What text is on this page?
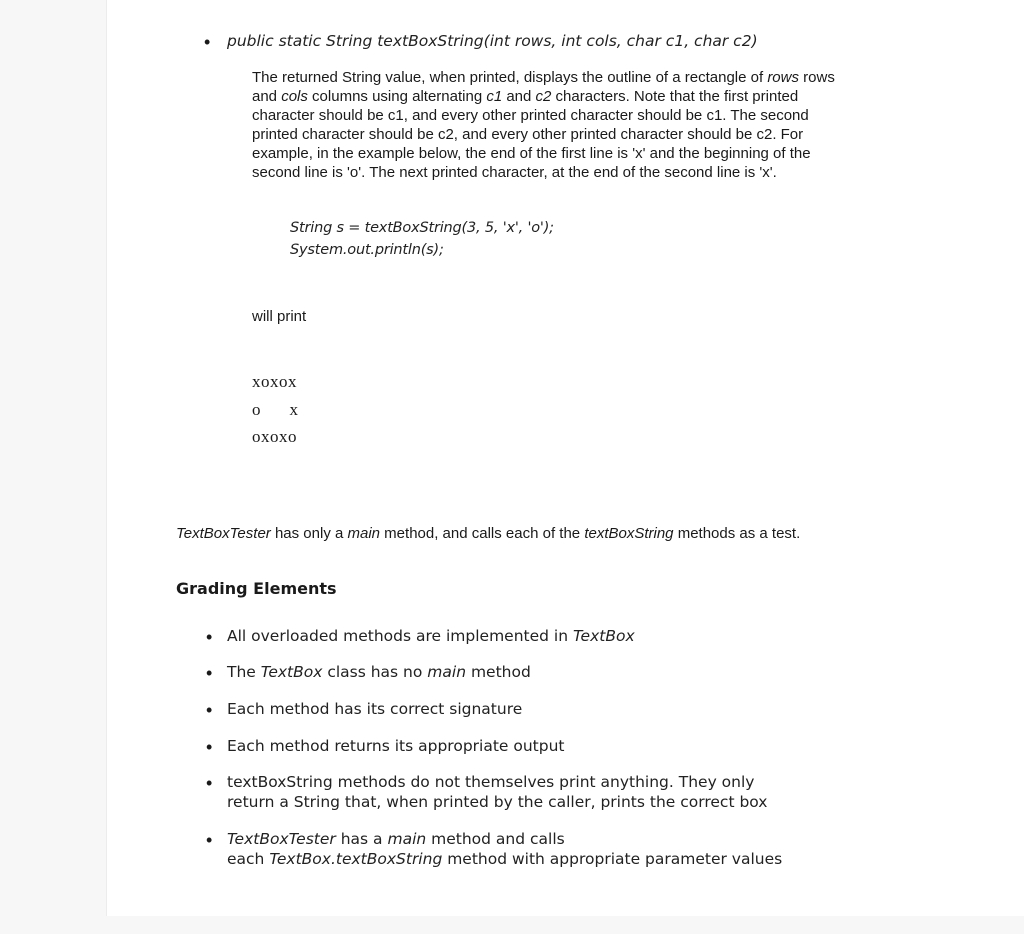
• public static String textBoxString(int rows, int cols, char c1, char c2)
The returned String value, when printed, displays the outline of a rectangle of rows rows and cols columns using alternating c1 and c2 characters. Note that the first printed character should be c1, and every other printed character should be c1. The second printed character should be c2, and every other printed character should be c2. For example, in the example below, the end of the first line is 'x' and the beginning of the second line is 'o'. The next printed character, at the end of the second line is 'x'.
String s = textBoxString(3, 5, 'x', 'o');
System.out.println(s);
will print
xoxox
o      x
oxoxo
TextBoxTester has only a main method, and calls each of the textBoxString methods as a test.
Grading Elements
• All overloaded methods are implemented in TextBox
• The TextBox class has no main method
• Each method has its correct signature
• Each method returns its appropriate output
• textBoxString methods do not themselves print anything. They only
return a String that, when printed by the caller, prints the correct box
• TextBoxTester has a main method and calls
each TextBox.textBoxString method with appropriate parameter values
